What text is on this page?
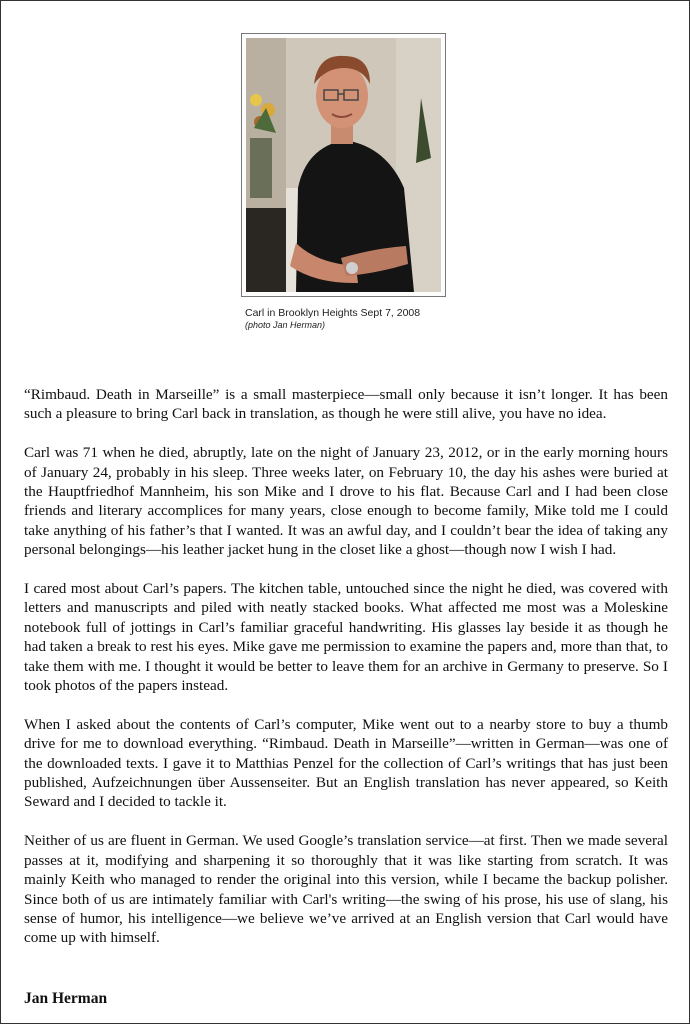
Carl in Brooklyn Heights Sept 7, 2008
(photo Jan Herman)

“Rimbaud. Death in Marseille” is a small masterpiece—small only because it isn’t longer. It has been such a pleasure to bring Carl back in translation, as though he were still alive, you have no idea.

Carl was 71 when he died, abruptly, late on the night of January 23, 2012, or in the early morning hours of January 24, probably in his sleep. Three weeks later, on February 10, the day his ashes were buried at the Hauptfriedhof Mannheim, his son Mike and I drove to his flat. Because Carl and I had been close friends and literary accomplices for many years, close enough to become family, Mike told me I could take anything of his father’s that I wanted. It was an awful day, and I couldn’t bear the idea of taking any personal belongings—his leather jacket hung in the closet like a ghost—though now I wish I had.

I cared most about Carl’s papers. The kitchen table, untouched since the night he died, was covered with letters and manuscripts and piled with neatly stacked books. What affected me most was a Moleskine notebook full of jottings in Carl’s familiar graceful handwriting. His glasses lay beside it as though he had taken a break to rest his eyes. Mike gave me permission to examine the papers and, more than that, to take them with me. I thought it would be better to leave them for an archive in Germany to preserve. So I took photos of the papers instead.

When I asked about the contents of Carl’s computer, Mike went out to a nearby store to buy a thumb drive for me to download everything. “Rimbaud. Death in Marseille”—written in German—was one of the downloaded texts. I gave it to Matthias Penzel for the collection of Carl’s writings that has just been published, Aufzeichnungen über Aussenseiter. But an English translation has never appeared, so Keith Seward and I decided to tackle it.

Neither of us are fluent in German. We used Google’s translation service—at first. Then we made several passes at it, modifying and sharpening it so thoroughly that it was like starting from scratch. It was mainly Keith who managed to render the original into this version, while I became the backup polisher. Since both of us are intimately familiar with Carl's writing—the swing of his prose, his use of slang, his sense of humor, his intelligence—we believe we’ve arrived at an English version that Carl would have come up with himself.

Jan Herman
